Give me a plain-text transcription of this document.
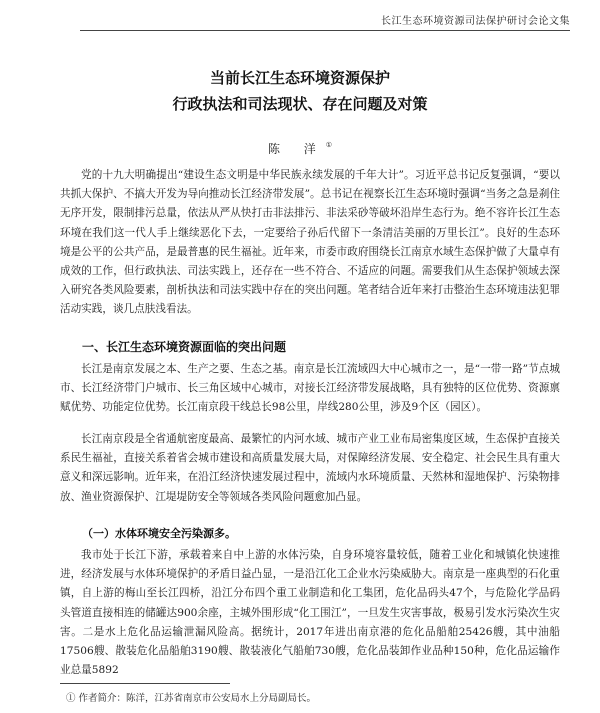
长江生态环境资源司法保护研讨会论文集
当前长江生态环境资源保护
行政执法和司法现状、存在问题及对策
陈 洋①

党的十九大明确提出“建设生态文明是中华民族永续发展的千年大计”。习近平总书记反复强调，“要以共抓大保护、不搞大开发为导向推动长江经济带发展”。总书记在视察长江生态环境时强调“当务之急是刹住无序开发，限制排污总量，依法从严从快打击非法排污、非法采砂等破坏沿岸生态行为。绝不容许长江生态环境在我们这一代人手上继续恶化下去，一定要给子孙后代留下一条清洁美丽的万里长江”。良好的生态环境是公平的公共产品，是最普惠的民生福祉。近年来，市委市政府围绕长江南京水域生态保护做了大量卓有成效的工作，但行政执法、司法实践上，还存在一些不符合、不适应的问题。需要我们从生态保护领域去深入研究各类风险要素，剖析执法和司法实践中存在的突出问题。笔者结合近年来打击整治生态环境违法犯罪活动实践，谈几点肤浅看法。

一、长江生态环境资源面临的突出问题

长江是南京发展之本、生产之要、生态之基。南京是长江流域四大中心城市之一，是“一带一路”节点城市、长江经济带门户城市、长三角区域中心城市，对接长江经济带发展战略，具有独特的区位优势、资源禀赋优势、功能定位优势。长江南京段干线总长98公里，岸线280公里，涉及9个区（园区）。

长江南京段是全省通航密度最高、最繁忙的内河水域、城市产业工业布局密集度区域，生态保护直接关系民生福祉，直接关系着省会城市建设和高质量发展大局，对保障经济发展、安全稳定、社会民生具有重大意义和深远影响。近年来，在沿江经济快速发展过程中，流域内水环境质量、天然林和湿地保护、污染物排放、渔业资源保护、江堤堤防安全等领域各类风险问题愈加凸显。

（一）水体环境安全污染源多。

我市处于长江下游，承载着来自中上游的水体污染，自身环境容量较低，随着工业化和城镇化快速推进，经济发展与水体环境保护的矛盾日益凸显，一是沿江化工企业水污染威胁大。南京是一座典型的石化重镇，自上游的梅山至长江四桥，沿江分布四个重工业制造和化工集团，危化品码头47个，与危险化学品码头管道直接相连的储罐达900余座，主城外围形成“化工围江”，一旦发生灾害事故，极易引发水污染次生灾害。二是水上危化品运输泄漏风险高。据统计，2017年进出南京港的危化品船舶25426艘，其中油船17506艘、散装危化品船舶3190艘、散装液化气船舶730艘，危化品装卸作业品种150种，危化品运输作业总量5892

① 作者简介：陈洋，江苏省南京市公安局水上分局副局长。
